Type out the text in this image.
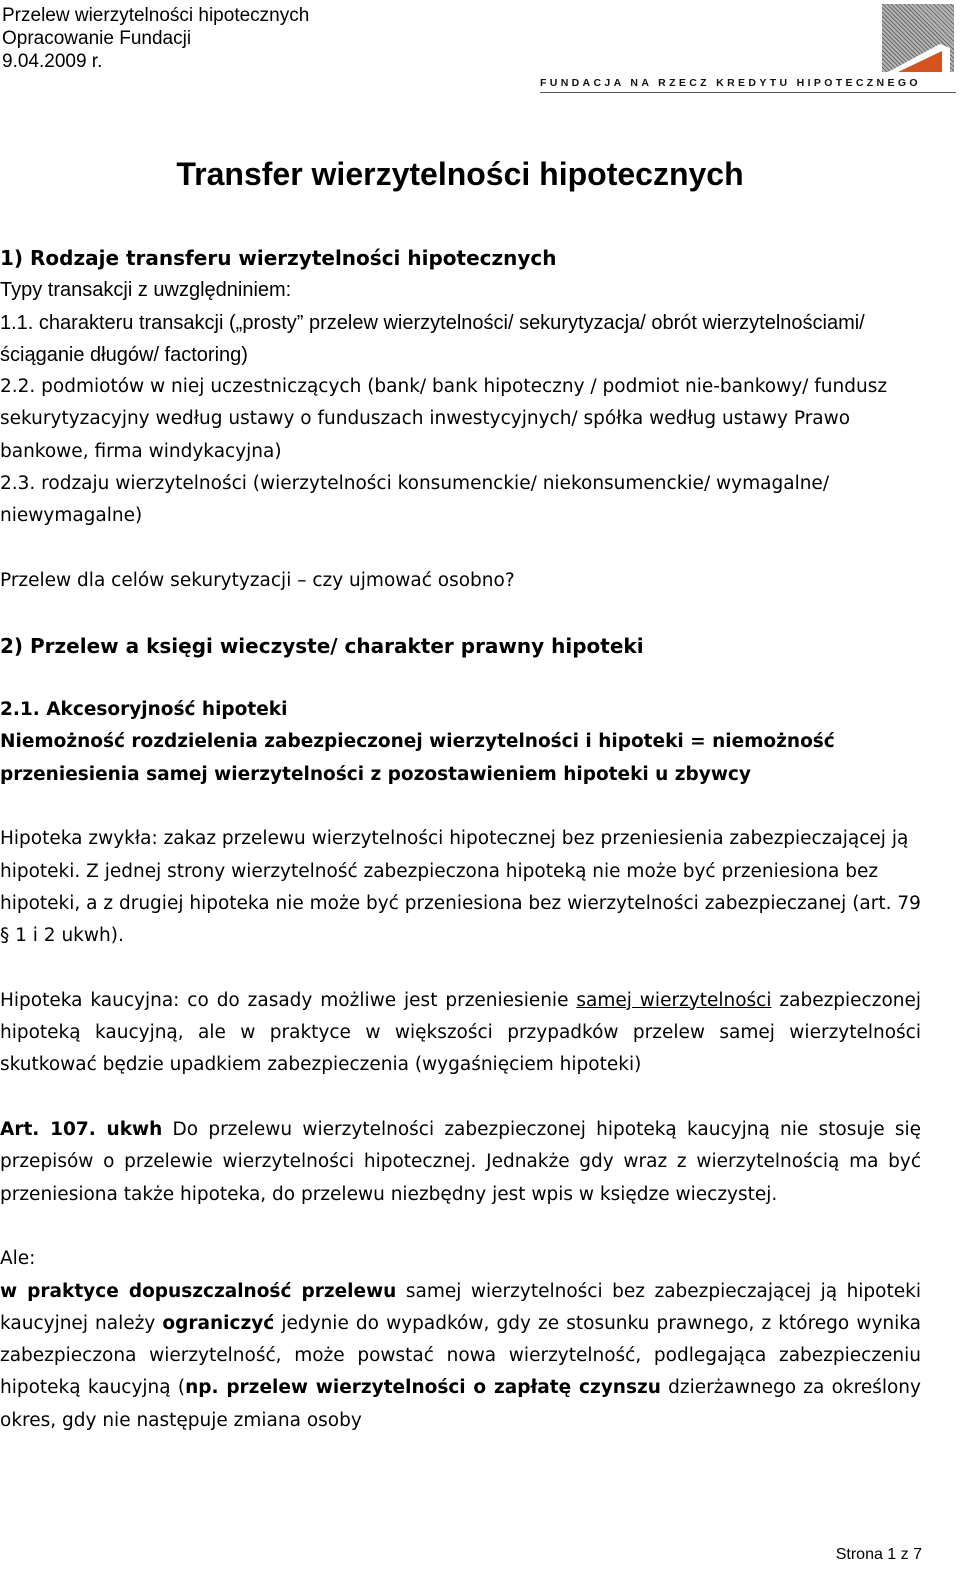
Przelew wierzytelności hipotecznych
Opracowanie Fundacji
9.04.2009 r.
FUNDACJA NA RZECZ KREDYTU HIPOTECZNEGO
Transfer wierzytelności hipotecznych
1) Rodzaje transferu wierzytelności hipotecznych
Typy transakcji z uwzględniniem:
1.1. charakteru transakcji („prosty” przelew wierzytelności/ sekurytyzacja/ obrót wierzytelnościami/ ściąganie długów/ factoring)
2.2. podmiotów w niej uczestniczących (bank/ bank hipoteczny / podmiot nie-bankowy/ fundusz sekurytyzacyjny według ustawy o funduszach inwestycyjnych/ spółka według ustawy Prawo bankowe, firma windykacyjna)
2.3. rodzaju wierzytelności (wierzytelności konsumenckie/ niekonsumenckie/ wymagalne/ niewymagalne)
Przelew dla celów sekurytyzacji – czy ujmować osobno?
2) Przelew a księgi wieczyste/ charakter prawny hipoteki
2.1. Akcesoryjność hipoteki
Niemożność rozdzielenia zabezpieczonej wierzytelności i hipoteki = niemożność przeniesienia samej wierzytelności z pozostawieniem hipoteki u zbywcy
Hipoteka zwykła: zakaz przelewu wierzytelności hipotecznej bez przeniesienia zabezpieczającej ją hipoteki. Z jednej strony wierzytelność zabezpieczona hipoteką nie może być przeniesiona bez hipoteki, a z drugiej hipoteka nie może być przeniesiona bez wierzytelności zabezpieczanej (art. 79 § 1 i 2 ukwh).
Hipoteka kaucyjna: co do zasady możliwe jest przeniesienie samej wierzytelności zabezpieczonej hipoteką kaucyjną, ale w praktyce w większości przypadków przelew samej wierzytelności skutkować będzie upadkiem zabezpieczenia (wygaśnięciem hipoteki)
Art. 107. ukwh Do przelewu wierzytelności zabezpieczonej hipoteką kaucyjną nie stosuje się przepisów o przelewie wierzytelności hipotecznej. Jednakże gdy wraz z wierzytelnością ma być przeniesiona także hipoteka, do przelewu niezbędny jest wpis w księdze wieczystej.
Ale:
w praktyce dopuszczalność przelewu samej wierzytelności bez zabezpieczającej ją hipoteki kaucyjnej należy ograniczyć jedynie do wypadków, gdy ze stosunku prawnego, z którego wynika zabezpieczona wierzytelność, może powstać nowa wierzytelność, podlegająca zabezpieczeniu hipoteką kaucyjną (np. przelew wierzytelności o zapłatę czynszu dzierżawnego za określony okres, gdy nie następuje zmiana osoby
Strona 1 z 7
